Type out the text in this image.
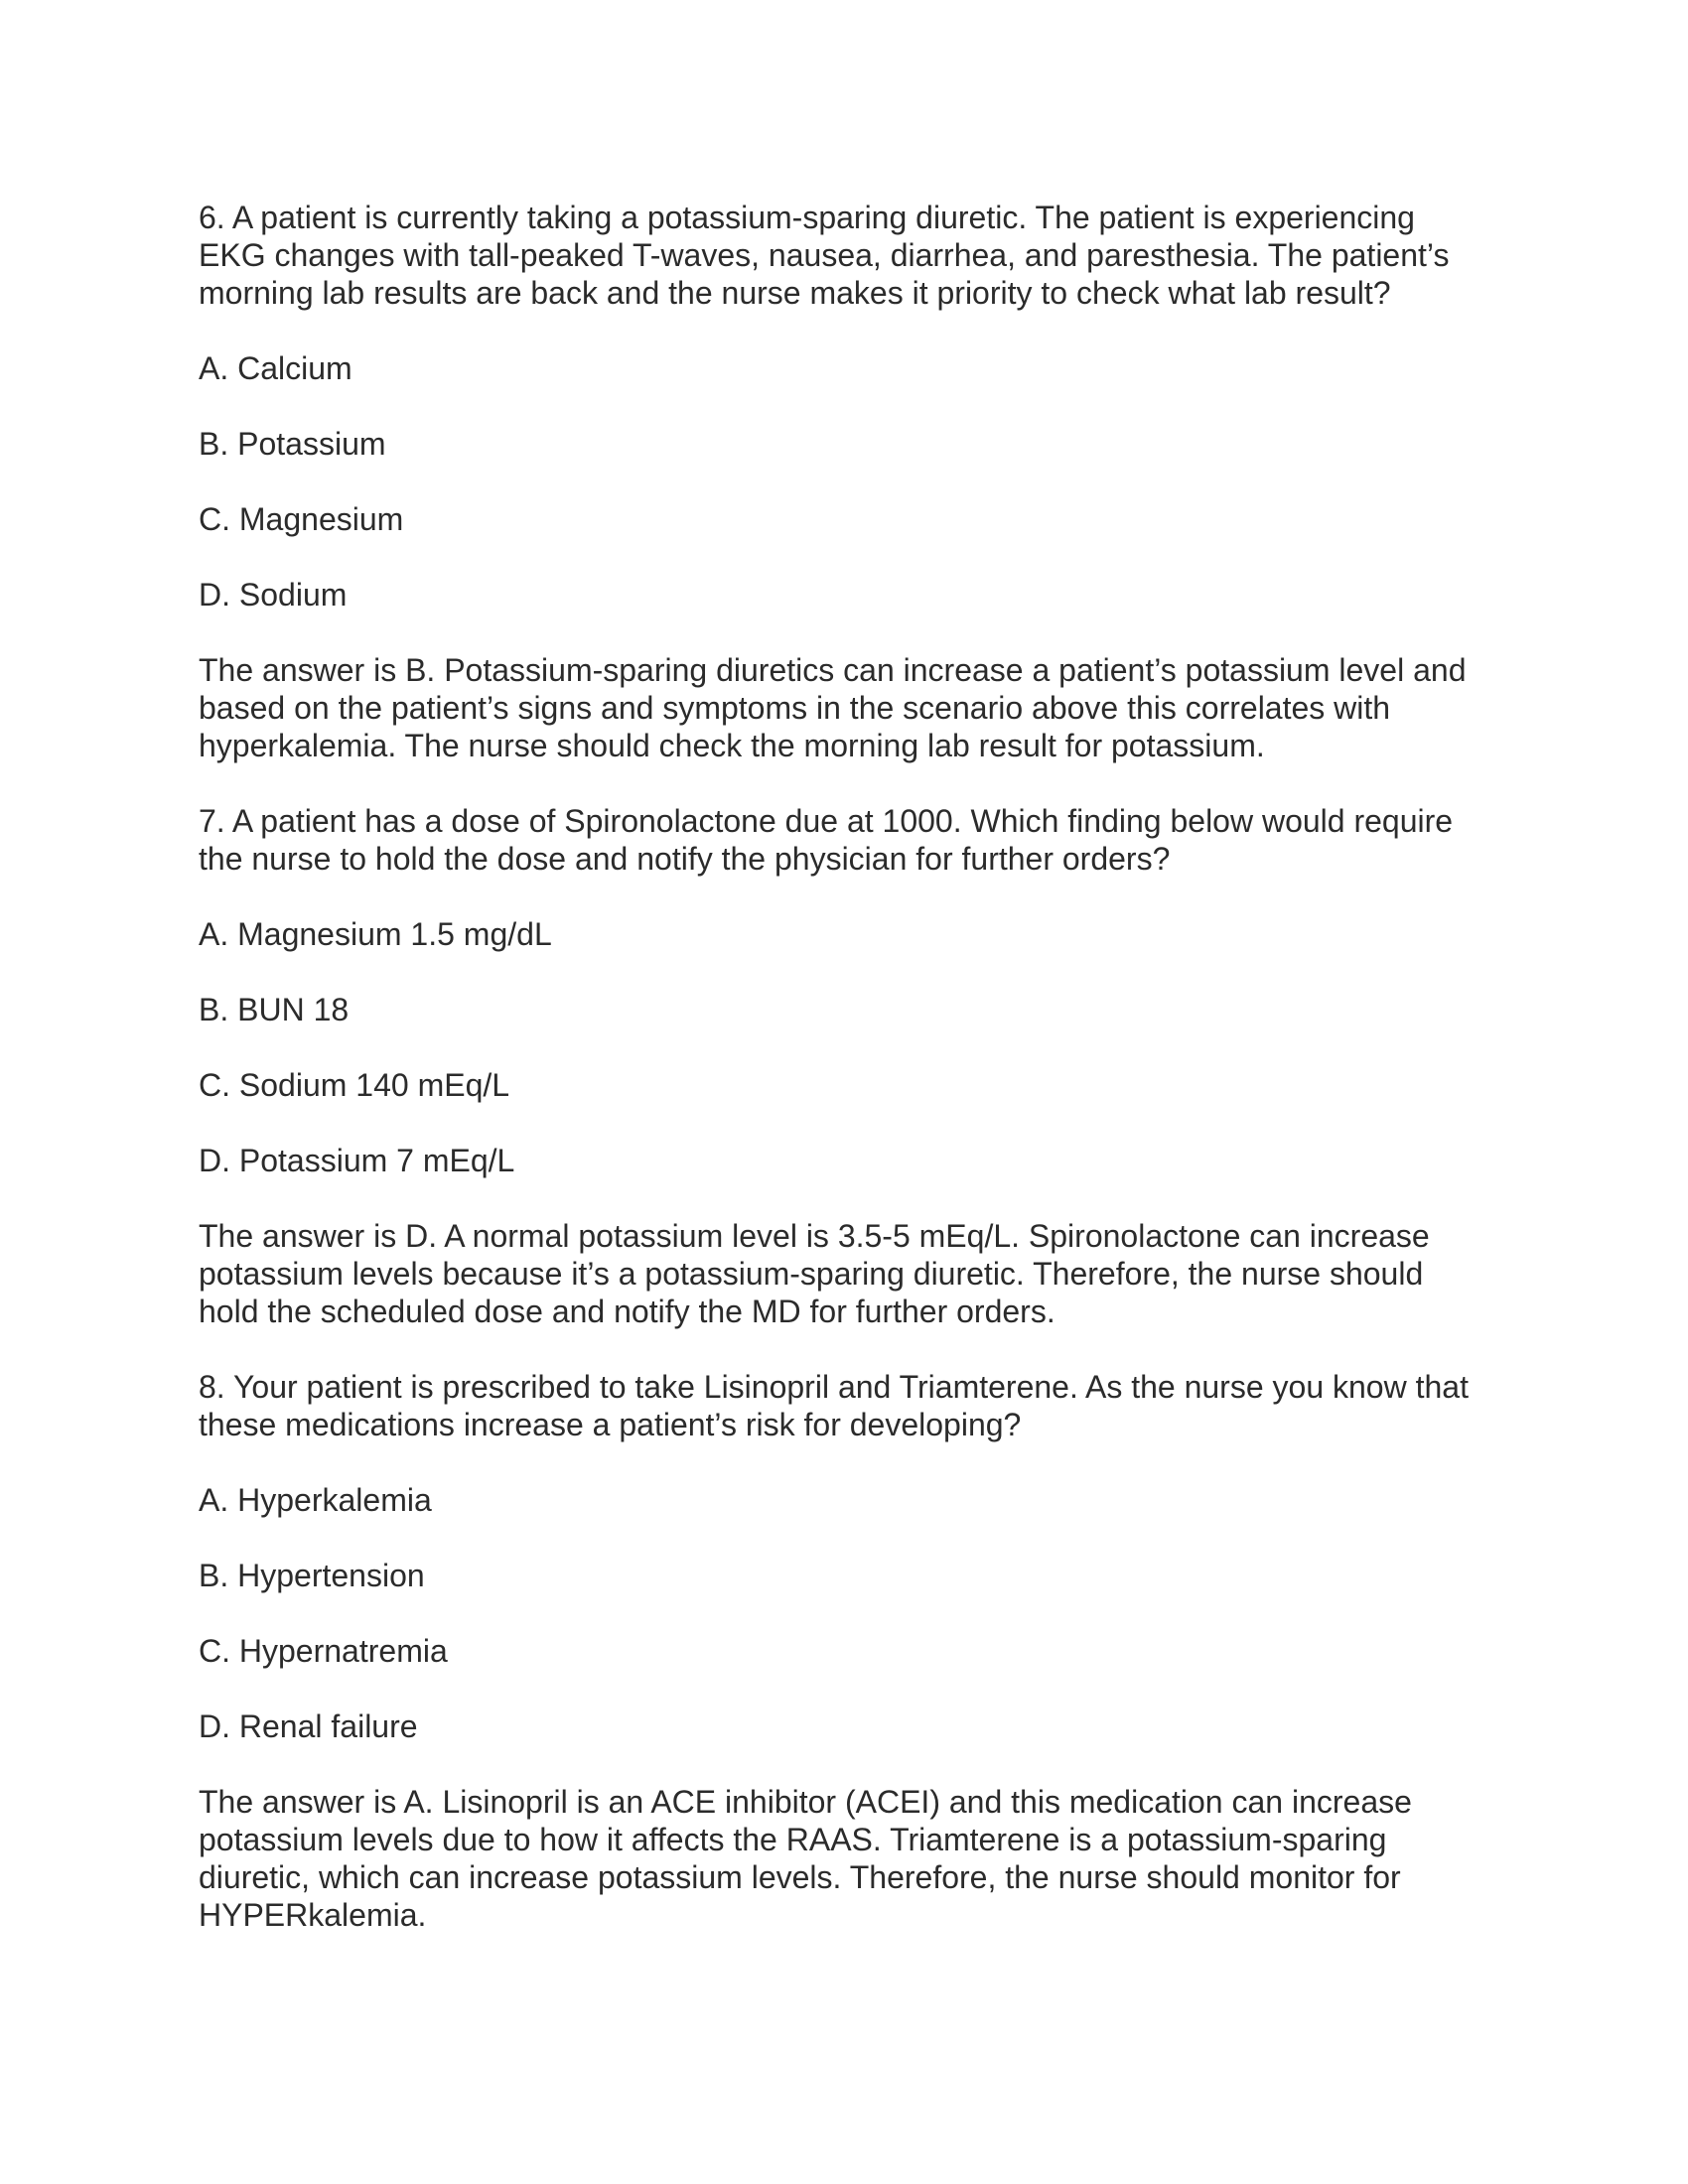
6. A patient is currently taking a potassium-sparing diuretic. The patient is experiencing EKG changes with tall-peaked T-waves, nausea, diarrhea, and paresthesia. The patient’s morning lab results are back and the nurse makes it priority to check what lab result?

A. Calcium

B. Potassium

C. Magnesium

D. Sodium

The answer is B. Potassium-sparing diuretics can increase a patient’s potassium level and based on the patient’s signs and symptoms in the scenario above this correlates with hyperkalemia. The nurse should check the morning lab result for potassium.

7. A patient has a dose of Spironolactone due at 1000. Which finding below would require the nurse to hold the dose and notify the physician for further orders?

A. Magnesium 1.5 mg/dL

B. BUN 18

C. Sodium 140 mEq/L

D. Potassium 7 mEq/L

The answer is D. A normal potassium level is 3.5-5 mEq/L. Spironolactone can increase potassium levels because it’s a potassium-sparing diuretic. Therefore, the nurse should hold the scheduled dose and notify the MD for further orders.

8. Your patient is prescribed to take Lisinopril and Triamterene. As the nurse you know that these medications increase a patient’s risk for developing?

A. Hyperkalemia

B. Hypertension

C. Hypernatremia

D. Renal failure

The answer is A. Lisinopril is an ACE inhibitor (ACEI) and this medication can increase potassium levels due to how it affects the RAAS. Triamterene is a potassium-sparing diuretic, which can increase potassium levels. Therefore, the nurse should monitor for HYPERkalemia.
